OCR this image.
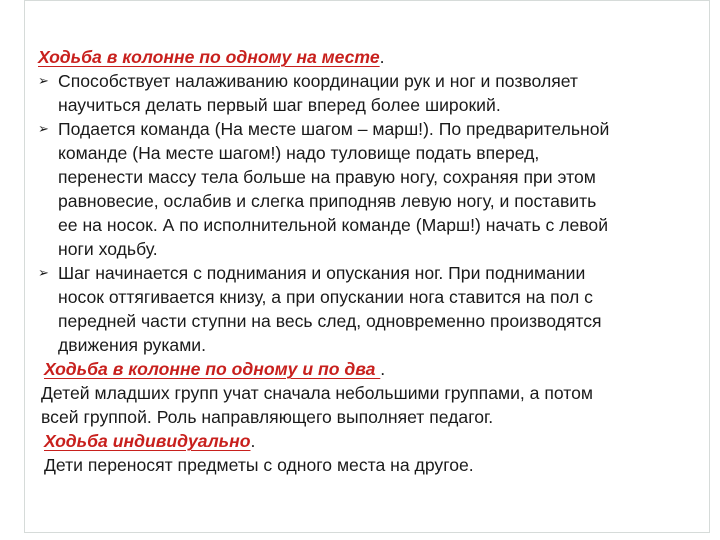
Ходьба в колонне по одному на месте.

➢ Способствует налаживанию координации рук и ног и позволяет
научиться делать первый шаг вперед более широкий.
➢ Подается команда (На месте шагом – марш!). По предварительной
команде (На месте шагом!) надо туловище подать вперед,
перенести массу тела больше на правую ногу, сохраняя при этом
равновесие, ослабив и слегка приподняв левую ногу, и поставить
ее на носок. А по исполнительной команде (Марш!) начать с левой
ноги ходьбу.
➢ Шаг начинается с поднимания и опускания ног. При поднимании
носок оттягивается книзу, а при опускании нога ставится на пол с
передней части ступни на весь след, одновременно производятся
движения руками.

Ходьба в колонне по одному и по два .

Детей младших групп учат сначала небольшими группами, а потом
всей группой. Роль направляющего выполняет педагог.

Ходьба индивидуально.

Дети переносят предметы с одного места на другое.
